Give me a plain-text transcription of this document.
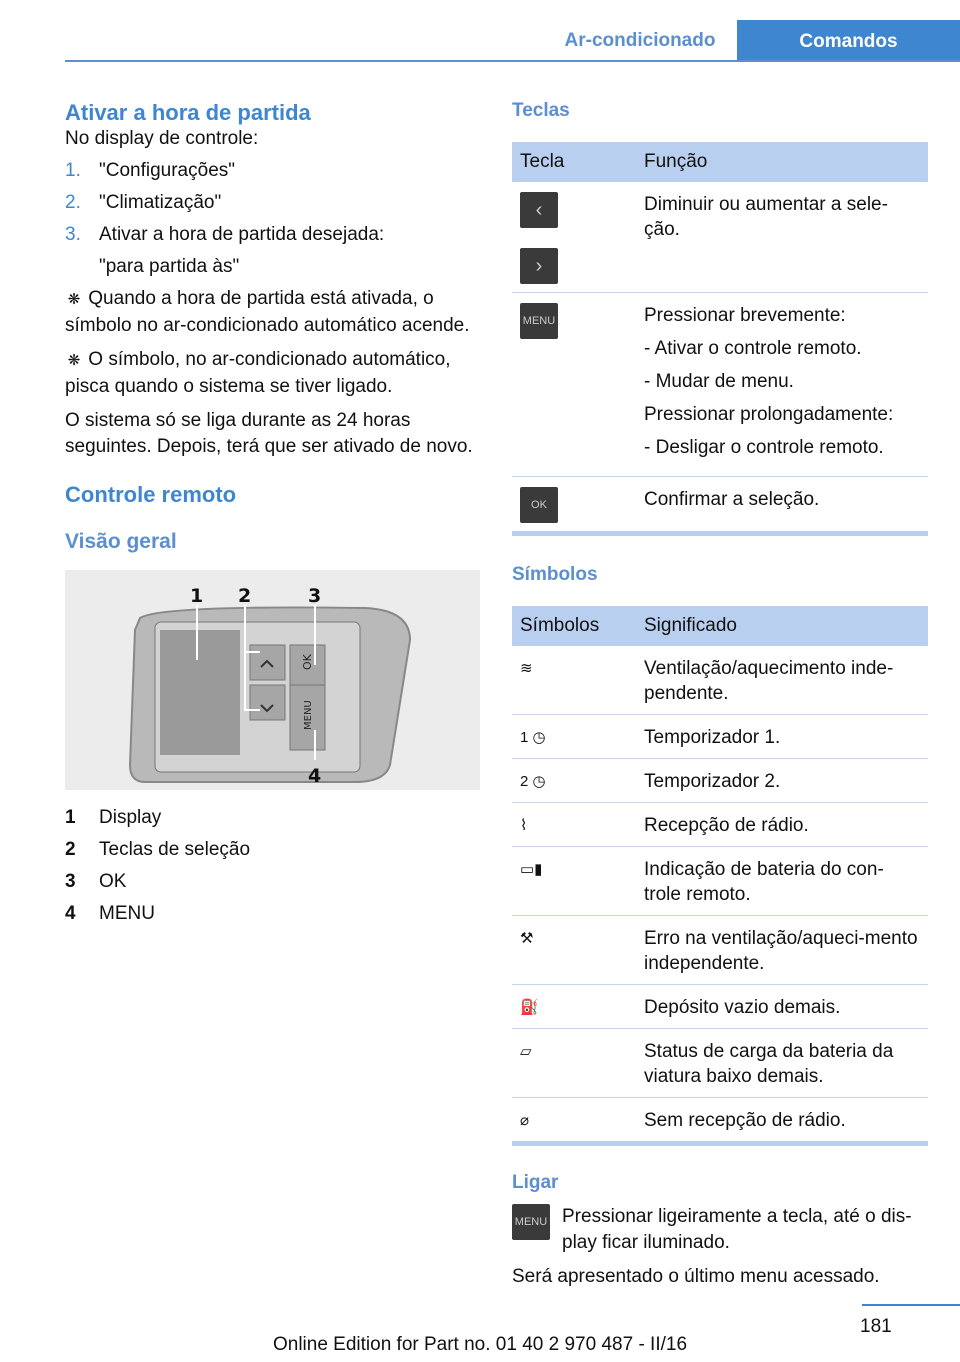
Ar-condicionado	Comandos
Ativar a hora de partida

No display de controle:

1. "Configurações"
2. "Climatização"
3. Ativar a hora de partida desejada:
"para partida às"

❋ Quando a hora de partida está ativada, o símbolo no ar-condicionado automático acende.

❋ O símbolo, no ar-condicionado automático, pisca quando o sistema se tiver ligado.

O sistema só se liga durante as 24 horas seguintes. Depois, terá que ser ativado de novo.

Controle remoto
Visão geral
OK
MENU
1 2	3
4
1	Display
2	Teclas de seleção
3	OK
4	MENU
Teclas
Tecla	Função
‹
›	Diminuir ou aumentar a sele-ção.

MENU	Pressionar brevemente:

- Ativar o controle remoto.

- Mudar de menu.

Pressionar prolongadamente:

- Desligar o controle remoto.

OK	Confirmar a seleção.

Símbolos
Símbolos	Significado
≋	Ventilação/aquecimento inde-pendente.
1 ◷	Temporizador 1.
2 ◷	Temporizador 2.
⌇	Recepção de rádio.
▭▮	Indicação de bateria do con-trole remoto.
⚒	Erro na ventilação/aqueci-mento independente.
⛽	Depósito vazio demais.
▱	Status de carga da bateria da viatura baixo demais.
⌀	Sem recepção de rádio.
Ligar
MENU Pressionar ligeiramente a tecla, até o dis-play ficar iluminado.

Será apresentado o último menu acessado.

181
Online Edition for Part no. 01 40 2 970 487 - II/16
